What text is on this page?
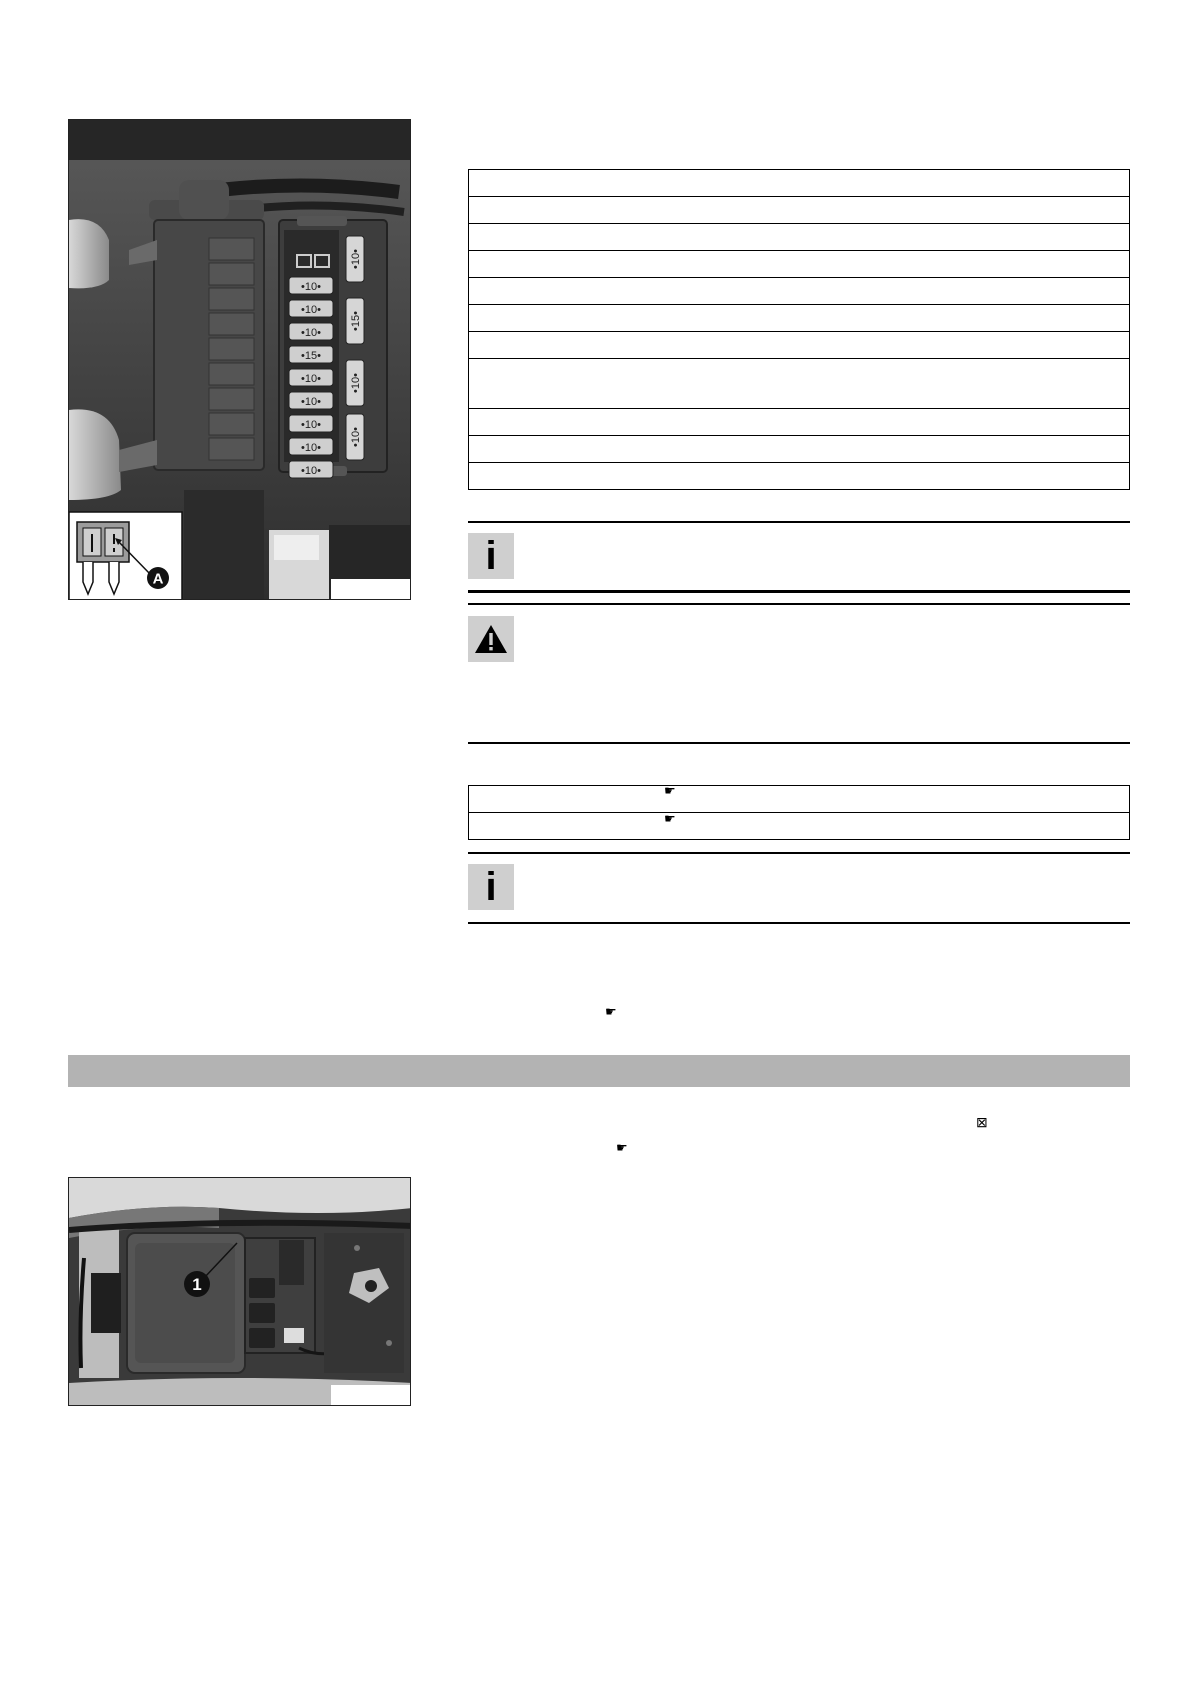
•10•
•10•
•10•
•15•
•10•
•10•
•10•
•10•
•10•
•10•
•15•
•10•
•10•
A

i

☛
☛
i
☛
⊠
☛
1
